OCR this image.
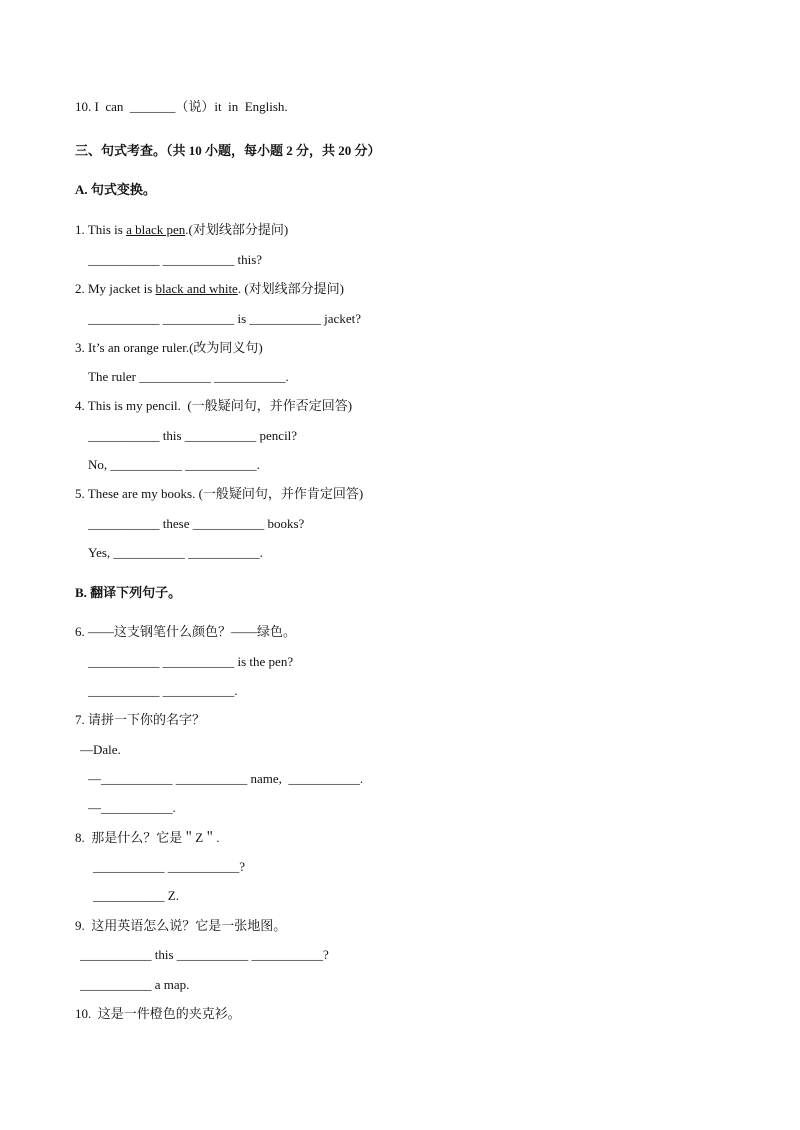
10. I  can  _______（说）it  in  English.
三、句式考查。（共 10 小题，每小题 2 分，共 20 分）
A. 句式变换。
1. This is a black pen.(对划线部分提问)
___________ ___________ this?
2. My jacket is black and white. (对划线部分提问)
___________ ___________ is ___________ jacket?
3. It’s an orange ruler.(改为同义句)
The ruler ___________ ___________.
4. This is my pencil.  (一般疑问句，并作否定回答)
___________ this ___________ pencil?
No, ___________ ___________.
5. These are my books. (一般疑问句，并作肯定回答)
___________ these ___________ books?
Yes, ___________ ___________.
B. 翻译下列句子。
6. ——这支钢笔什么颜色？——绿色。
___________ ___________ is the pen?
___________ ___________.
7. 请拼一下你的名字？
—Dale.
—___________ ___________ name,  ___________.
—___________.
8.  那是什么？它是＂Z＂.
___________ ___________?
___________ Z.
9.  这用英语怎么说？它是一张地图。
___________ this ___________ ___________?
___________ a map.
10.  这是一件橙色的夹克衫。
